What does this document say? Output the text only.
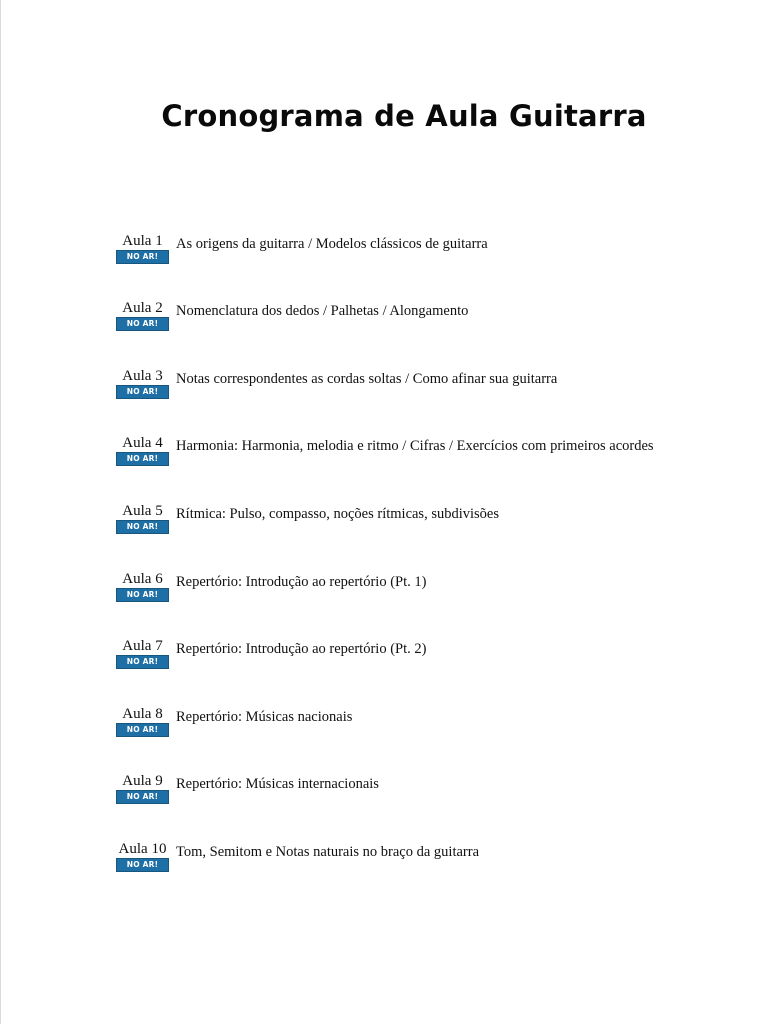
Cronograma de Aula Guitarra
Aula 1
NO AR!
As origens da guitarra / Modelos clássicos de guitarra
Aula 2
NO AR!
Nomenclatura dos dedos / Palhetas / Alongamento
Aula 3
NO AR!
Notas correspondentes as cordas soltas / Como afinar sua guitarra
Aula 4
NO AR!
Harmonia: Harmonia, melodia e ritmo / Cifras / Exercícios com primeiros acordes
Aula 5
NO AR!
Rítmica: Pulso, compasso, noções rítmicas, subdivisões
Aula 6
NO AR!
Repertório: Introdução ao repertório (Pt. 1)
Aula 7
NO AR!
Repertório: Introdução ao repertório (Pt. 2)
Aula 8
NO AR!
Repertório: Músicas nacionais
Aula 9
NO AR!
Repertório: Músicas internacionais
Aula 10
NO AR!
Tom, Semitom e Notas naturais no braço da guitarra
